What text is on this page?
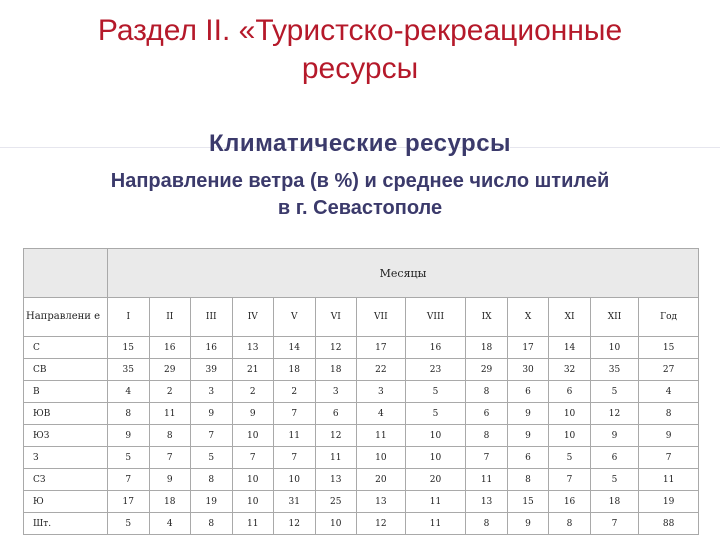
Раздел II. «Туристско-рекреационные
ресурсы
Климатические ресурсы
Направление ветра (в %) и среднее число штилей
в г. Севастополе
	Месяцы												
Направлени е	I	II	III	IV	V	VI	VII	VIII	IX	X	XI	XII	Год
С	15	16	16	13	14	12	17	16	18	17	14	10	15
СВ	35	29	39	21	18	18	22	23	29	30	32	35	27
В	4	2	3	2	2	3	3	5	8	6	6	5	4
ЮВ	8	11	9	9	7	6	4	5	6	9	10	12	8
ЮЗ	9	8	7	10	11	12	11	10	8	9	10	9	9
З	5	7	5	7	7	11	10	10	7	6	5	6	7
СЗ	7	9	8	10	10	13	20	20	11	8	7	5	11
Ю	17	18	19	10	31	25	13	11	13	15	16	18	19
Шт.	5	4	8	11	12	10	12	11	8	9	8	7	88
